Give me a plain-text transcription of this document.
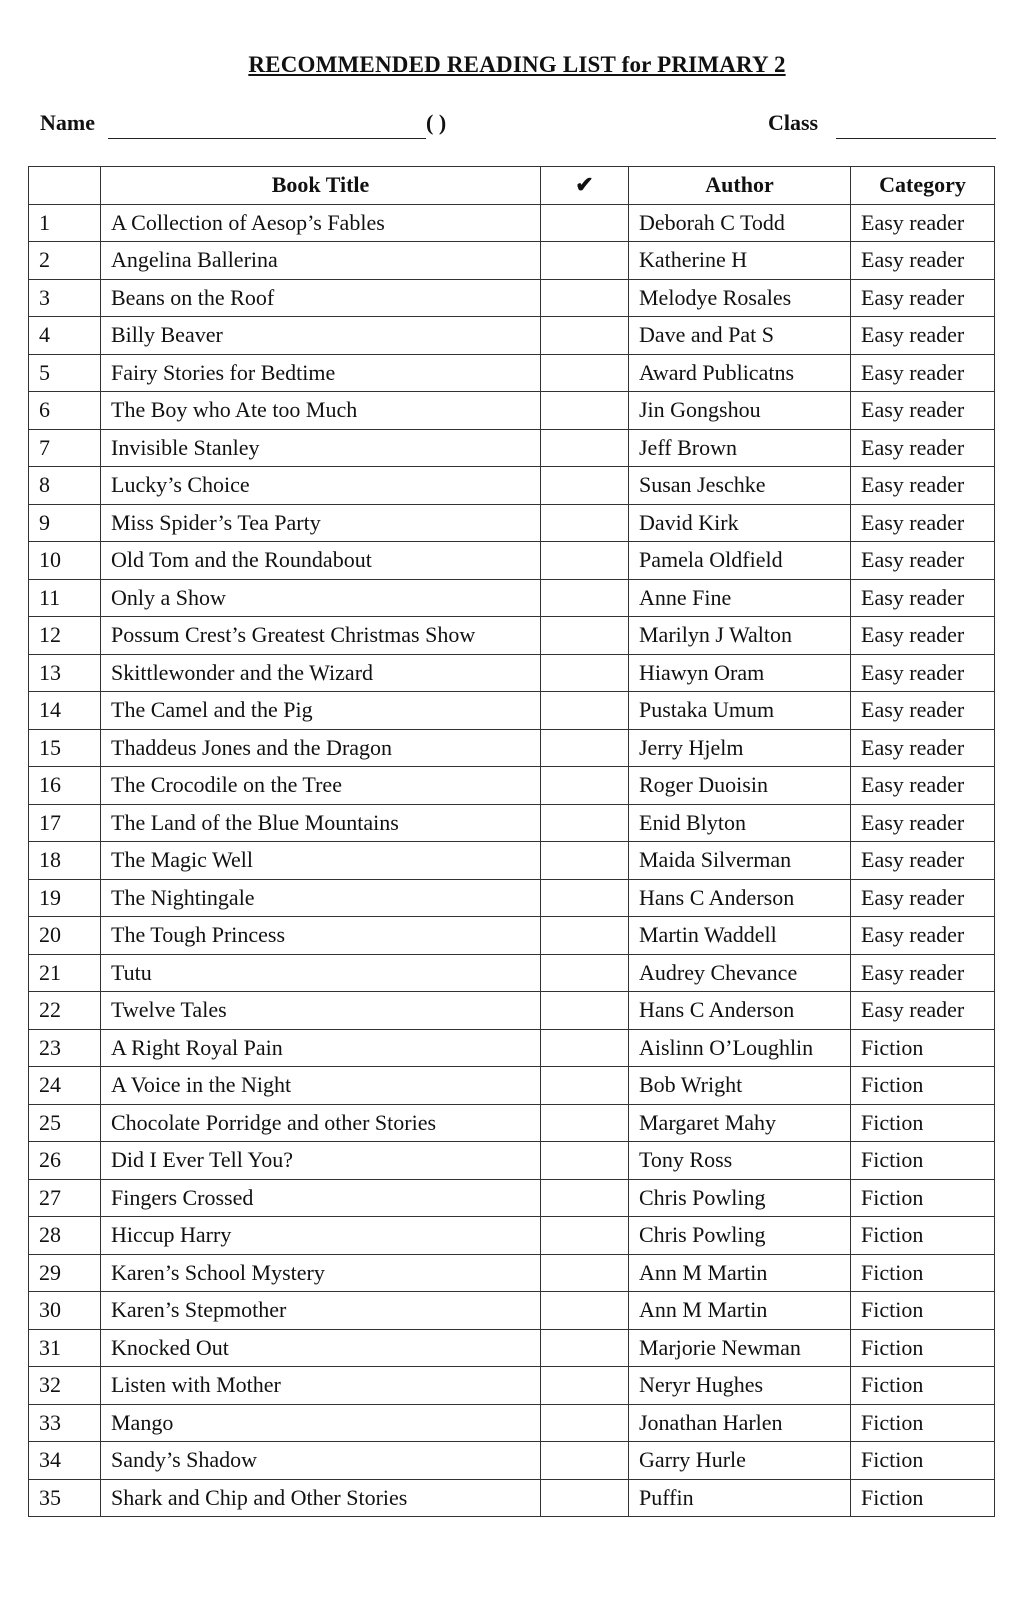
RECOMMENDED READING LIST for PRIMARY 2
Name	( )	Class
	Book Title	✔	Author	Category
1	A Collection of Aesop’s Fables		Deborah C Todd	Easy reader
2	Angelina Ballerina		Katherine H	Easy reader
3	Beans on the Roof		Melodye Rosales	Easy reader
4	Billy Beaver		Dave and Pat S	Easy reader
5	Fairy Stories for Bedtime		Award Publicatns	Easy reader
6	The Boy who Ate too Much		Jin Gongshou	Easy reader
7	Invisible Stanley		Jeff Brown	Easy reader
8	Lucky’s Choice		Susan Jeschke	Easy reader
9	Miss Spider’s Tea Party		David Kirk	Easy reader
10	Old Tom and the Roundabout		Pamela Oldfield	Easy reader
11	Only a Show		Anne Fine	Easy reader
12	Possum Crest’s Greatest Christmas Show		Marilyn J Walton	Easy reader
13	Skittlewonder and the Wizard		Hiawyn Oram	Easy reader
14	The Camel and the Pig		Pustaka Umum	Easy reader
15	Thaddeus Jones and the Dragon		Jerry Hjelm	Easy reader
16	The Crocodile on the Tree		Roger Duoisin	Easy reader
17	The Land of the Blue Mountains		Enid Blyton	Easy reader
18	The Magic Well		Maida Silverman	Easy reader
19	The Nightingale		Hans C Anderson	Easy reader
20	The Tough Princess		Martin Waddell	Easy reader
21	Tutu		Audrey Chevance	Easy reader
22	Twelve Tales		Hans C Anderson	Easy reader
23	A Right Royal Pain		Aislinn O’Loughlin	Fiction
24	A Voice in the Night		Bob Wright	Fiction
25	Chocolate Porridge and other Stories		Margaret Mahy	Fiction
26	Did I Ever Tell You?		Tony Ross	Fiction
27	Fingers Crossed		Chris Powling	Fiction
28	Hiccup Harry		Chris Powling	Fiction
29	Karen’s School Mystery		Ann M Martin	Fiction
30	Karen’s Stepmother		Ann M Martin	Fiction
31	Knocked Out		Marjorie Newman	Fiction
32	Listen with Mother		Neryr Hughes	Fiction
33	Mango		Jonathan Harlen	Fiction
34	Sandy’s Shadow		Garry Hurle	Fiction
35	Shark and Chip and Other Stories		Puffin	Fiction
